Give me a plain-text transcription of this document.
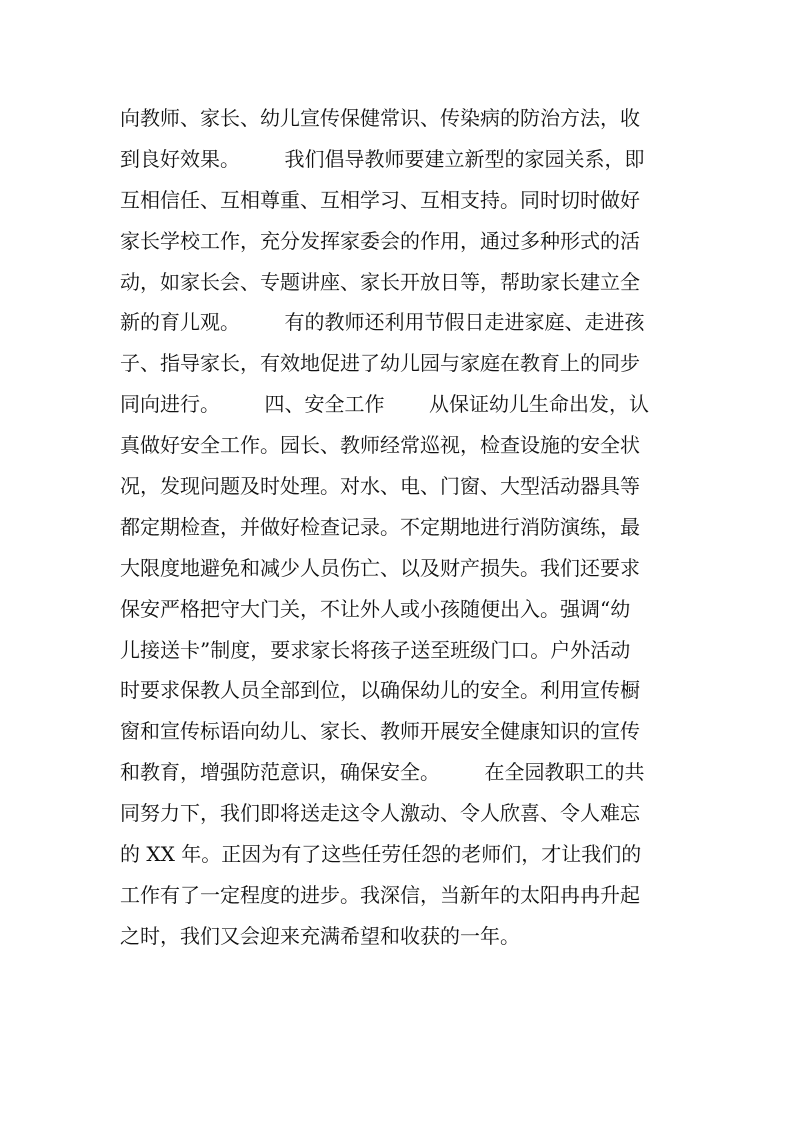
向教师、家长、幼儿宣传保健常识、传染病的防治方法，收
到良好效果。       我们倡导教师要建立新型的家园关系，即
互相信任、互相尊重、互相学习、互相支持。同时切时做好
家长学校工作，充分发挥家委会的作用，通过多种形式的活
动，如家长会、专题讲座、家长开放日等，帮助家长建立全
新的育儿观。       有的教师还利用节假日走进家庭、走进孩
子、指导家长，有效地促进了幼儿园与家庭在教育上的同步
同向进行。       四、安全工作       从保证幼儿生命出发，认
真做好安全工作。园长、教师经常巡视，检查设施的安全状
况，发现问题及时处理。对水、电、门窗、大型活动器具等
都定期检查，并做好检查记录。不定期地进行消防演练，最
大限度地避免和减少人员伤亡、以及财产损失。我们还要求
保安严格把守大门关，不让外人或小孩随便出入。强调“幼
儿接送卡”制度，要求家长将孩子送至班级门口。户外活动
时要求保教人员全部到位，以确保幼儿的安全。利用宣传橱
窗和宣传标语向幼儿、家长、教师开展安全健康知识的宣传
和教育，增强防范意识，确保安全。       在全园教职工的共
同努力下，我们即将送走这令人激动、令人欣喜、令人难忘
的 XX 年。正因为有了这些任劳任怨的老师们，才让我们的
工作有了一定程度的进步。我深信，当新年的太阳冉冉升起
之时，我们又会迎来充满希望和收获的一年。
